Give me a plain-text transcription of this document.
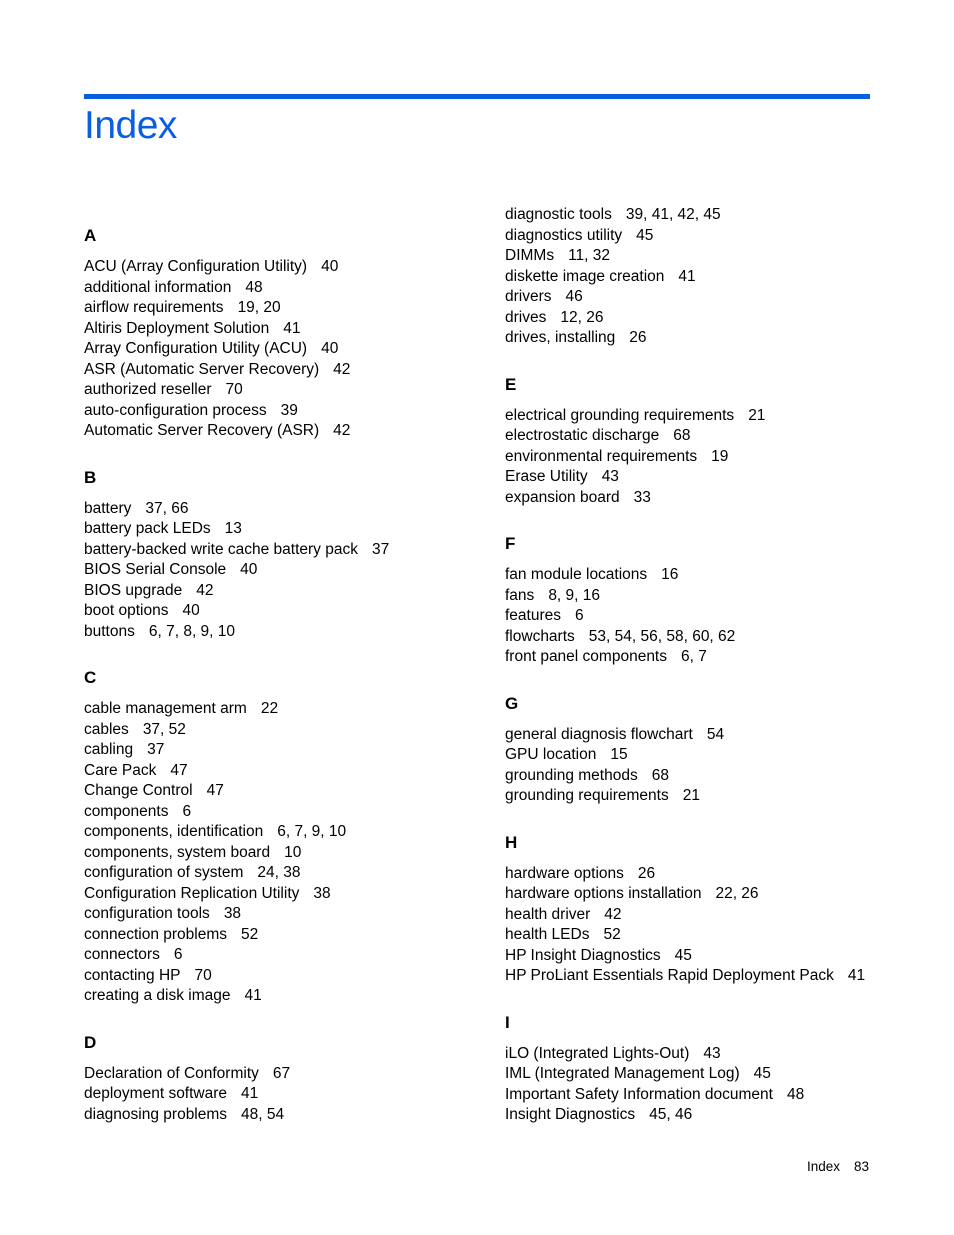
Index
A
ACU (Array Configuration Utility) 40
additional information 48
airflow requirements 19, 20
Altiris Deployment Solution 41
Array Configuration Utility (ACU) 40
ASR (Automatic Server Recovery) 42
authorized reseller 70
auto-configuration process 39
Automatic Server Recovery (ASR) 42
B
battery 37, 66
battery pack LEDs 13
battery-backed write cache battery pack 37
BIOS Serial Console 40
BIOS upgrade 42
boot options 40
buttons 6, 7, 8, 9, 10
C
cable management arm 22
cables 37, 52
cabling 37
Care Pack 47
Change Control 47
components 6
components, identification 6, 7, 9, 10
components, system board 10
configuration of system 24, 38
Configuration Replication Utility 38
configuration tools 38
connection problems 52
connectors 6
contacting HP 70
creating a disk image 41
D
Declaration of Conformity 67
deployment software 41
diagnosing problems 48, 54
diagnostic tools 39, 41, 42, 45
diagnostics utility 45
DIMMs 11, 32
diskette image creation 41
drivers 46
drives 12, 26
drives, installing 26
E
electrical grounding requirements 21
electrostatic discharge 68
environmental requirements 19
Erase Utility 43
expansion board 33
F
fan module locations 16
fans 8, 9, 16
features 6
flowcharts 53, 54, 56, 58, 60, 62
front panel components 6, 7
G
general diagnosis flowchart 54
GPU location 15
grounding methods 68
grounding requirements 21
H
hardware options 26
hardware options installation 22, 26
health driver 42
health LEDs 52
HP Insight Diagnostics 45
HP ProLiant Essentials Rapid Deployment Pack 41
I
iLO (Integrated Lights-Out) 43
IML (Integrated Management Log) 45
Important Safety Information document 48
Insight Diagnostics 45, 46
Index 83
